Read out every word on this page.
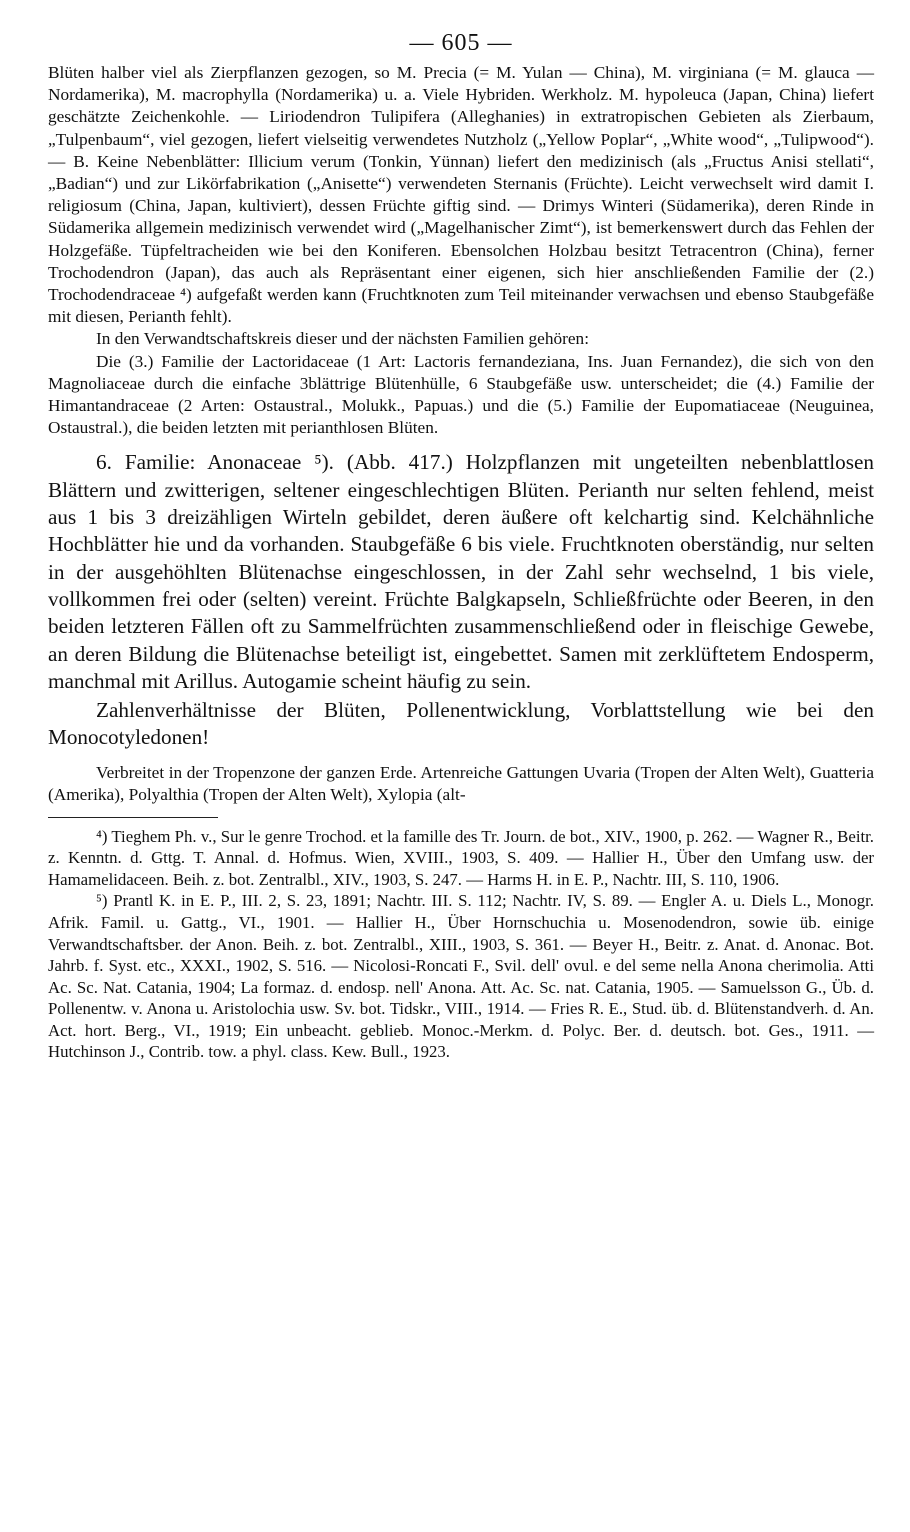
— 605 —

Blüten halber viel als Zierpflanzen gezogen, so M. Precia (= M. Yulan — China), M. virginiana (= M. glauca — Nordamerika), M. macrophylla (Nordamerika) u. a. Viele Hybriden. Werkholz. M. hypoleuca (Japan, China) liefert geschätzte Zeichenkohle. — Liriodendron Tulipifera (Alleghanies) in extratropischen Gebieten als Zierbaum, „Tulpenbaum“, viel gezogen, liefert vielseitig verwendetes Nutzholz („Yellow Poplar“, „White wood“, „Tulipwood“). — B. Keine Nebenblätter: Illicium verum (Tonkin, Yünnan) liefert den medizinisch (als „Fructus Anisi stellati“, „Badian“) und zur Likörfabrikation („Anisette“) verwendeten Sternanis (Früchte). Leicht verwechselt wird damit I. religiosum (China, Japan, kultiviert), dessen Früchte giftig sind. — Drimys Winteri (Südamerika), deren Rinde in Südamerika allgemein medizinisch verwendet wird („Magelhanischer Zimt“), ist bemerkenswert durch das Fehlen der Holzgefäße. Tüpfeltracheiden wie bei den Koniferen. Ebensolchen Holzbau besitzt Tetracentron (China), ferner Trochodendron (Japan), das auch als Repräsentant einer eigenen, sich hier anschließenden Familie der (2.) Trochodendraceae ⁴) aufgefaßt werden kann (Fruchtknoten zum Teil miteinander verwachsen und ebenso Staubgefäße mit diesen, Perianth fehlt).

In den Verwandtschaftskreis dieser und der nächsten Familien gehören:

Die (3.) Familie der Lactoridaceae (1 Art: Lactoris fernandeziana, Ins. Juan Fernandez), die sich von den Magnoliaceae durch die einfache 3blättrige Blütenhülle, 6 Staubgefäße usw. unterscheidet; die (4.) Familie der Himantandraceae (2 Arten: Ostaustral., Molukk., Papuas.) und die (5.) Familie der Eupomatiaceae (Neuguinea, Ostaustral.), die beiden letzten mit perianthlosen Blüten.

6. Familie: Anonaceae ⁵). (Abb. 417.) Holzpflanzen mit ungeteilten nebenblattlosen Blättern und zwitterigen, seltener eingeschlechtigen Blüten. Perianth nur selten fehlend, meist aus 1 bis 3 dreizähligen Wirteln gebildet, deren äußere oft kelchartig sind. Kelchähnliche Hochblätter hie und da vorhanden. Staubgefäße 6 bis viele. Fruchtknoten oberständig, nur selten in der ausgehöhlten Blütenachse eingeschlossen, in der Zahl sehr wechselnd, 1 bis viele, vollkommen frei oder (selten) vereint. Früchte Balgkapseln, Schließfrüchte oder Beeren, in den beiden letzteren Fällen oft zu Sammelfrüchten zusammenschließend oder in fleischige Gewebe, an deren Bildung die Blütenachse beteiligt ist, eingebettet. Samen mit zerklüftetem Endosperm, manchmal mit Arillus. Autogamie scheint häufig zu sein.

Zahlenverhältnisse der Blüten, Pollenentwicklung, Vorblattstellung wie bei den Monocotyledonen!

Verbreitet in der Tropenzone der ganzen Erde. Artenreiche Gattungen Uvaria (Tropen der Alten Welt), Guatteria (Amerika), Polyalthia (Tropen der Alten Welt), Xylopia (alt-

⁴) Tieghem Ph. v., Sur le genre Trochod. et la famille des Tr. Journ. de bot., XIV., 1900, p. 262. — Wagner R., Beitr. z. Kenntn. d. Gttg. T. Annal. d. Hofmus. Wien, XVIII., 1903, S. 409. — Hallier H., Über den Umfang usw. der Hamamelidaceen. Beih. z. bot. Zentralbl., XIV., 1903, S. 247. — Harms H. in E. P., Nachtr. III, S. 110, 1906.

⁵) Prantl K. in E. P., III. 2, S. 23, 1891; Nachtr. III. S. 112; Nachtr. IV, S. 89. — Engler A. u. Diels L., Monogr. Afrik. Famil. u. Gattg., VI., 1901. — Hallier H., Über Hornschuchia u. Mosenodendron, sowie üb. einige Verwandtschaftsber. der Anon. Beih. z. bot. Zentralbl., XIII., 1903, S. 361. — Beyer H., Beitr. z. Anat. d. Anonac. Bot. Jahrb. f. Syst. etc., XXXI., 1902, S. 516. — Nicolosi-Roncati F., Svil. dell' ovul. e del seme nella Anona cherimolia. Atti Ac. Sc. Nat. Catania, 1904; La formaz. d. endosp. nell' Anona. Att. Ac. Sc. nat. Catania, 1905. — Samuelsson G., Üb. d. Pollenentw. v. Anona u. Aristolochia usw. Sv. bot. Tidskr., VIII., 1914. — Fries R. E., Stud. üb. d. Blütenstandverh. d. An. Act. hort. Berg., VI., 1919; Ein unbeacht. geblieb. Monoc.-Merkm. d. Polyc. Ber. d. deutsch. bot. Ges., 1911. — Hutchinson J., Contrib. tow. a phyl. class. Kew. Bull., 1923.
